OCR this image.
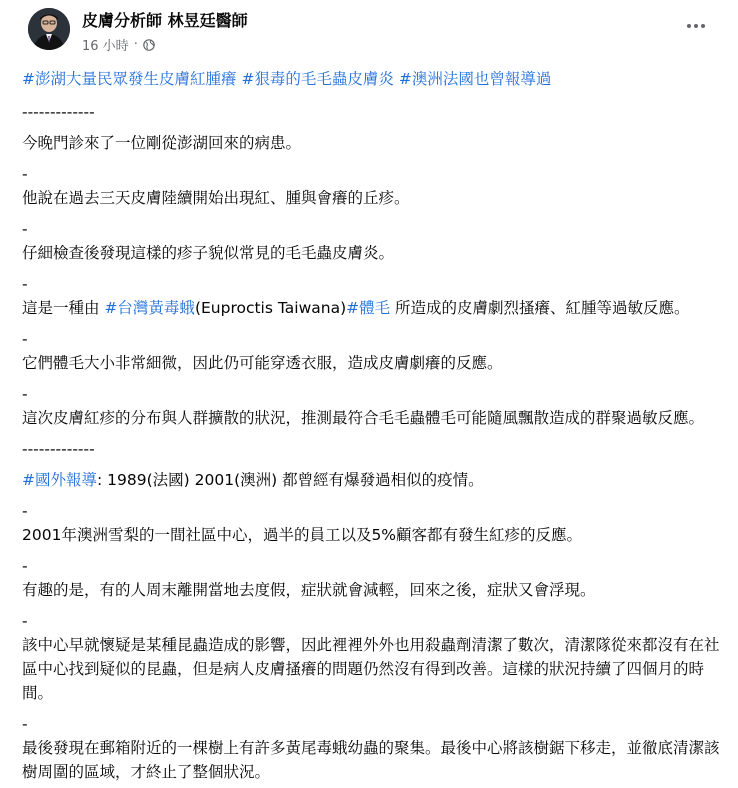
皮膚分析師 林昱廷醫師
16 小時 ·
#澎湖大量民眾發生皮膚紅腫癢 #狠毒的毛毛蟲皮膚炎 #澳洲法國也曾報導過
-------------
今晚門診來了一位剛從澎湖回來的病患。
-
他說在過去三天皮膚陸續開始出現紅、腫與會癢的丘疹。
-
仔細檢查後發現這樣的疹子貌似常見的毛毛蟲皮膚炎。
-
這是一種由 #台灣黃毒蛾(Euproctis Taiwana)#體毛 所造成的皮膚劇烈搔癢、紅腫等過敏反應。
-
它們體毛大小非常細微，因此仍可能穿透衣服，造成皮膚劇癢的反應。
-
這次皮膚紅疹的分布與人群擴散的狀況，推測最符合毛毛蟲體毛可能隨風飄散造成的群聚過敏反應。
-------------
#國外報導: 1989(法國) 2001(澳洲) 都曾經有爆發過相似的疫情。
-
2001年澳洲雪梨的一間社區中心，過半的員工以及5%顧客都有發生紅疹的反應。
-
有趣的是，有的人周末離開當地去度假，症狀就會減輕，回來之後，症狀又會浮現。
-
該中心早就懷疑是某種昆蟲造成的影響，因此裡裡外外也用殺蟲劑清潔了數次，清潔隊從來都沒有在社區中心找到疑似的昆蟲，但是病人皮膚搔癢的問題仍然沒有得到改善。這樣的狀況持續了四個月的時間。
-
最後發現在郵箱附近的一棵樹上有許多黃尾毒蛾幼蟲的聚集。最後中心將該樹鋸下移走，並徹底清潔該樹周圍的區域，才終止了整個狀況。
